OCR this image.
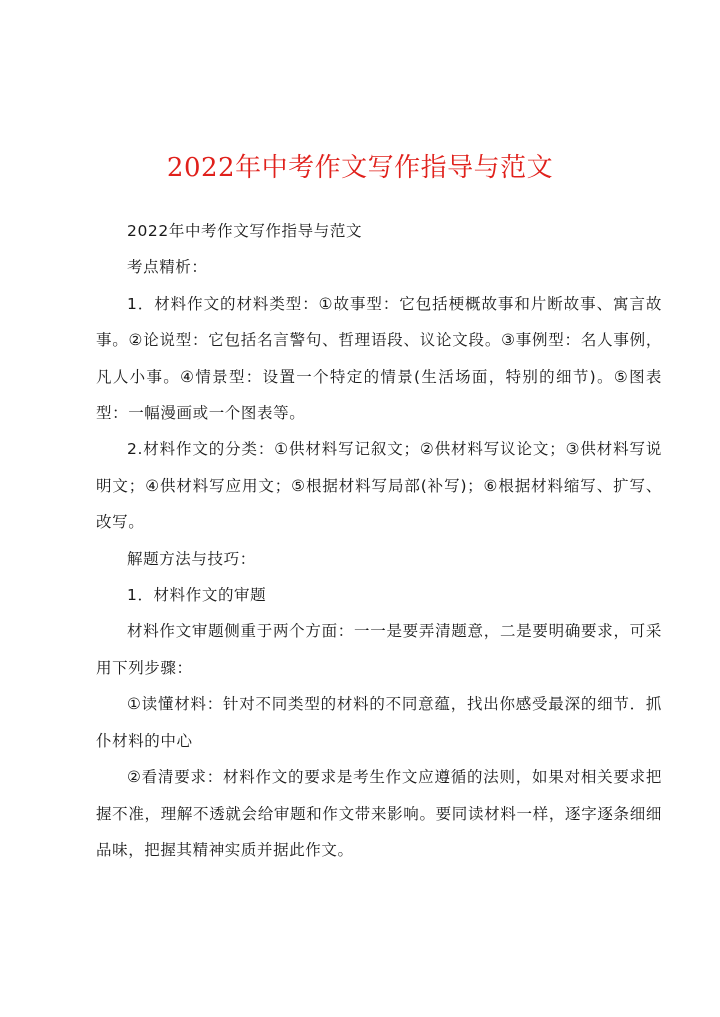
2022年中考作文写作指导与范文

2022年中考作文写作指导与范文

考点精析：

1．材料作文的材料类型：①故事型：它包括梗概故事和片断故事、寓言故事。②论说型：它包括名言警句、哲理语段、议论文段。③事例型：名人事例，凡人小事。④情景型：设置一个特定的情景(生活场面，特别的细节)。⑤图表型：一幅漫画或一个图表等。

2.材料作文的分类：①供材料写记叙文；②供材料写议论文；③供材料写说明文；④供材料写应用文；⑤根据材料写局部(补写)；⑥根据材料缩写、扩写、改写。

解题方法与技巧：

1．材料作文的审题

材料作文审题侧重于两个方面：一一是要弄清题意，二是要明确要求，可采用下列步骤：

①读懂材料：针对不同类型的材料的不同意蕴，找出你感受最深的细节．抓仆材料的中心

②看清要求：材料作文的要求是考生作文应遵循的法则，如果对相关要求把握不准，理解不透就会给审题和作文带来影响。要同读材料一样，逐字逐条细细品味，把握其精神实质并据此作文。
